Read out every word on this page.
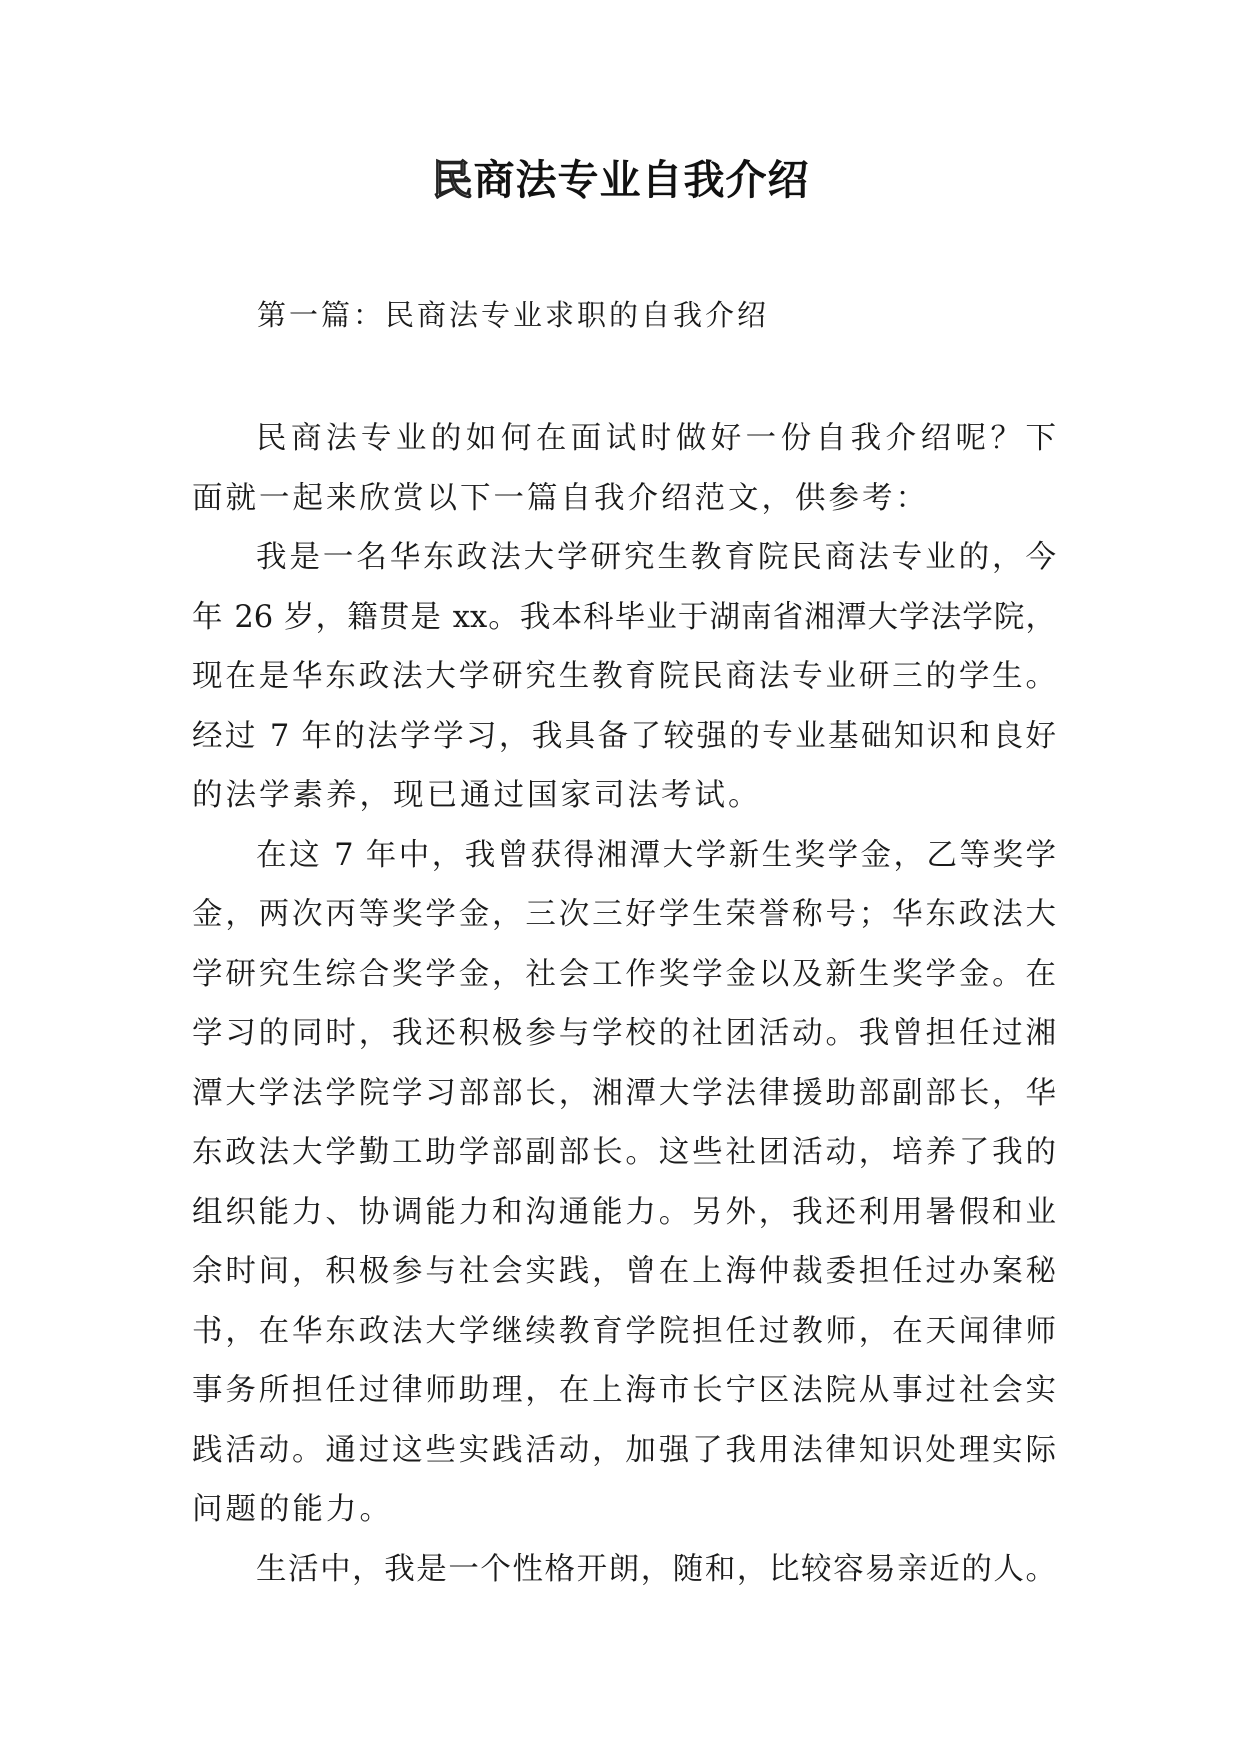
民商法专业自我介绍
第一篇：民商法专业求职的自我介绍
民商法专业的如何在面试时做好一份自我介绍呢？下
面就一起来欣赏以下一篇自我介绍范文，供参考：
我是一名华东政法大学研究生教育院民商法专业的，今
年 26 岁，籍贯是 xx。我本科毕业于湖南省湘潭大学法学院，
现在是华东政法大学研究生教育院民商法专业研三的学生。
经过 7 年的法学学习，我具备了较强的专业基础知识和良好
的法学素养，现已通过国家司法考试。
在这 7 年中，我曾获得湘潭大学新生奖学金，乙等奖学
金，两次丙等奖学金，三次三好学生荣誉称号；华东政法大
学研究生综合奖学金，社会工作奖学金以及新生奖学金。在
学习的同时，我还积极参与学校的社团活动。我曾担任过湘
潭大学法学院学习部部长，湘潭大学法律援助部副部长，华
东政法大学勤工助学部副部长。这些社团活动，培养了我的
组织能力、协调能力和沟通能力。另外，我还利用暑假和业
余时间，积极参与社会实践，曾在上海仲裁委担任过办案秘
书，在华东政法大学继续教育学院担任过教师，在天闻律师
事务所担任过律师助理，在上海市长宁区法院从事过社会实
践活动。通过这些实践活动，加强了我用法律知识处理实际
问题的能力。
生活中，我是一个性格开朗，随和，比较容易亲近的人。
